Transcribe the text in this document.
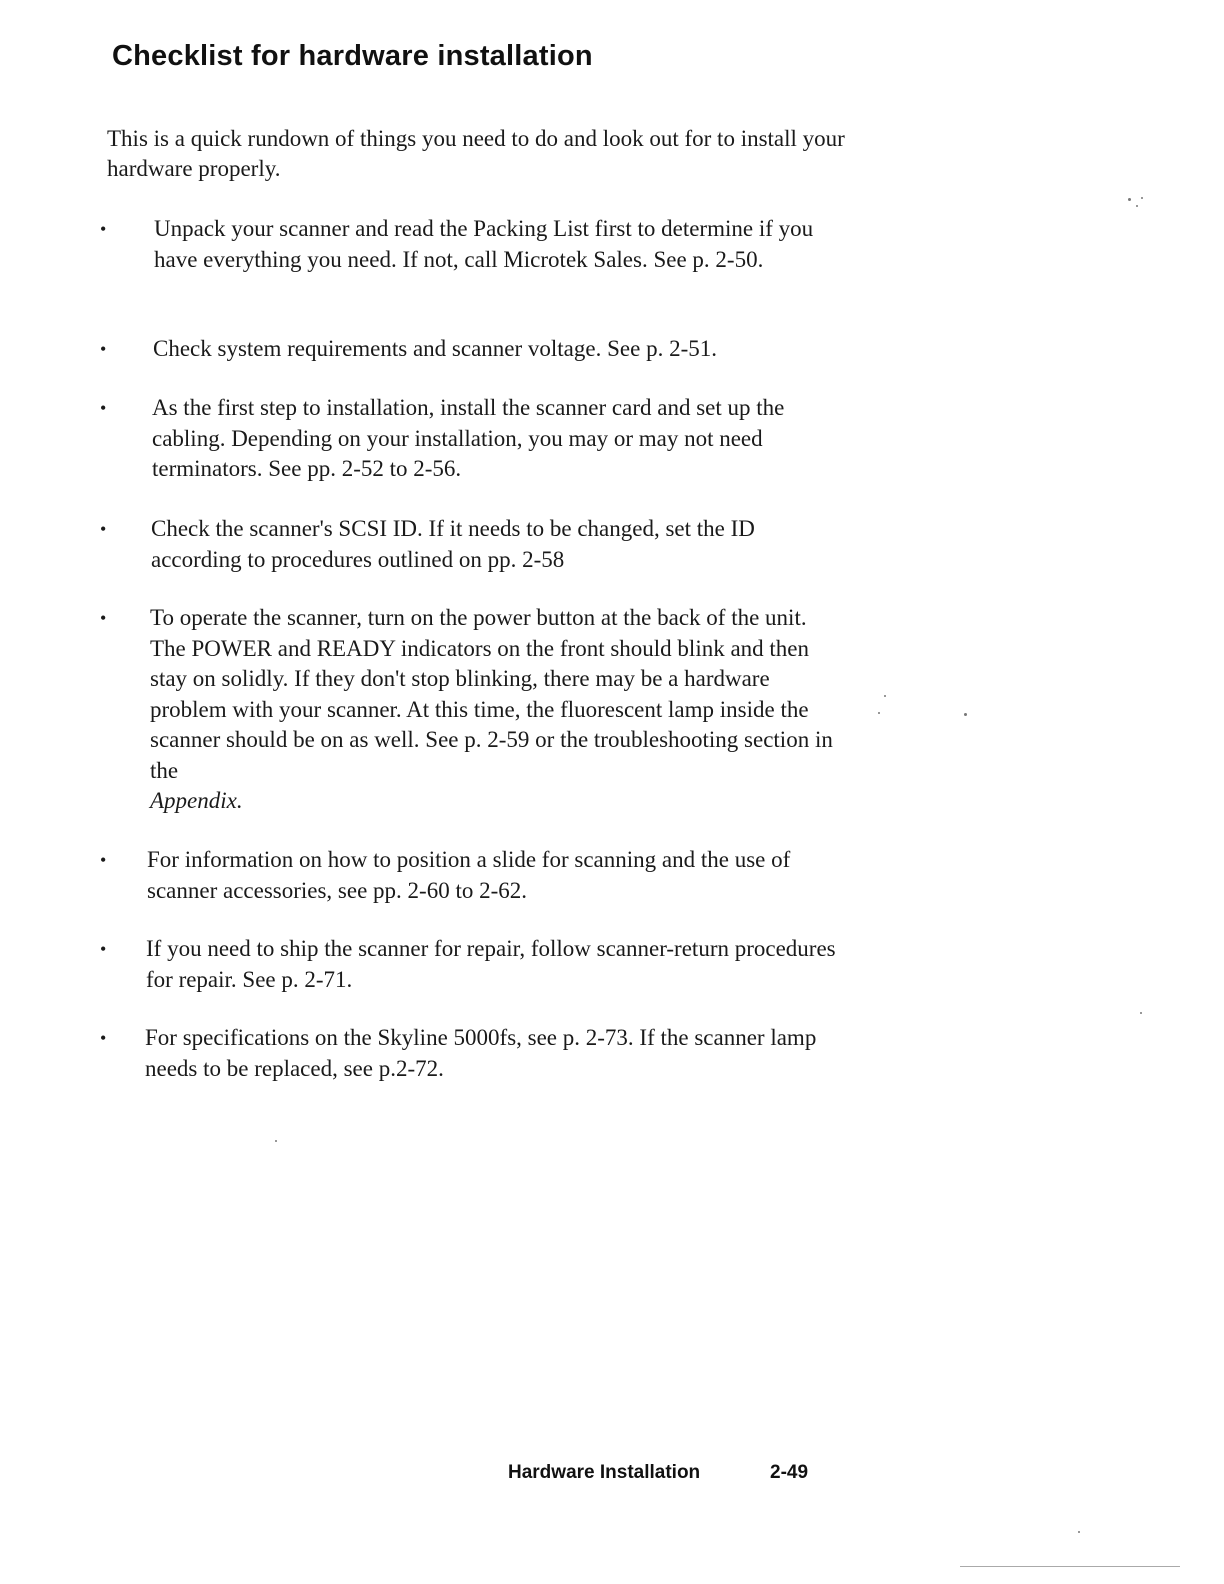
Checklist for hardware installation

This is a quick rundown of things you need to do and look out for to install your hardware properly.

•	Unpack your scanner and read the Packing List first to determine if you have everything you need. If not, call Microtek Sales. See p. 2-50.
•	Check system requirements and scanner voltage. See p. 2-51.
•	As the first step to installation, install the scanner card and set up the cabling. Depending on your installation, you may or may not need terminators. See pp. 2-52 to 2-56.
•	Check the scanner's SCSI ID. If it needs to be changed, set the ID according to procedures outlined on pp. 2-58
•	To operate the scanner, turn on the power button at the back of the unit. The POWER and READY indicators on the front should blink and then stay on solidly. If they don't stop blinking, there may be a hardware problem with your scanner. At this time, the fluorescent lamp inside the scanner should be on as well. See p. 2-59 or the troubleshooting section in the
Appendix.
•	For information on how to position a slide for scanning and the use of scanner accessories, see pp. 2-60 to 2-62.
•	If you need to ship the scanner for repair, follow scanner-return procedures for repair. See p. 2-71.
•	For specifications on the Skyline 5000fs, see p. 2-73. If the scanner lamp needs to be replaced, see p.2-72.
Hardware Installation	2-49
